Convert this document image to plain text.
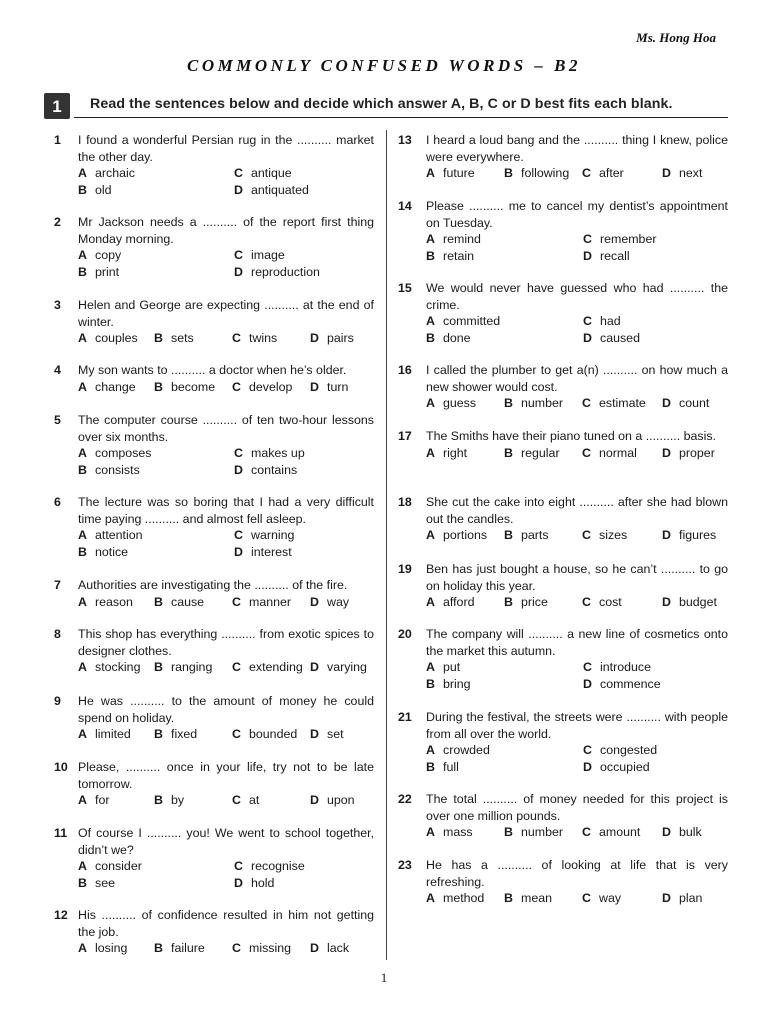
Ms. Hong Hoa
COMMONLY CONFUSED WORDS – B2
1 Read the sentences below and decide which answer A, B, C or D best fits each blank.
1	I found a wonderful Persian rug in the .......... market the other day.
A archaic	C antique
B old	D antiquated
2	Mr Jackson needs a .......... of the report first thing Monday morning.
A copy	C image
B print	D reproduction
3	Helen and George are expecting .......... at the end of winter.
A couples	B sets	C twins	D pairs
4	My son wants to .......... a doctor when he’s older.
A change	B become	C develop	D turn
5	The computer course .......... of ten two-hour lessons over six months.
A composes	C makes up
B consists	D contains
6	The lecture was so boring that I had a very difficult time paying .......... and almost fell asleep.
A attention	C warning
B notice	D interest
7	Authorities are investigating the .......... of the fire.
A reason	B cause	C manner	D way
8	This shop has everything .......... from exotic spices to designer clothes.
A stocking	B ranging	C extending D varying
9	He was .......... to the amount of money he could spend on holiday.
A limited	B fixed	C bounded	D set
10 Please, .......... once in your life, try not to be late tomorrow.
A for	B by	C at	D upon
11 Of course I .......... you! We went to school together, didn’t we?
A consider	C recognise
B see	D hold
12 His .......... of confidence resulted in him not getting the job.
A losing	B failure	C missing	D lack
13	I heard a loud bang and the .......... thing I knew, police were everywhere.
A future	B following	C after	D next
14	Please .......... me to cancel my dentist’s appointment on Tuesday.
A remind	C remember
B retain	D recall
15	We would never have guessed who had .......... the crime.
A committed	C had
B done	D caused
16	I called the plumber to get a(n) .......... on how much a new shower would cost.
A guess	B number	C estimate	D count
17	The Smiths have their piano tuned on a .......... basis.
A right	B regular	C normal	D proper
18	She cut the cake into eight .......... after she had blown out the candles.
A portions	B parts	C sizes	D figures
19	Ben has just bought a house, so he can’t .......... to go on holiday this year.
A afford	B price	C cost	D budget
20	The company will .......... a new line of cosmetics onto the market this autumn.
A put	C introduce
B bring	D commence
21	During the festival, the streets were .......... with people from all over the world.
A crowded	C congested
B full	D occupied
22	The total .......... of money needed for this project is over one million pounds.
A mass	B number	C amount	D bulk
23	He has a .......... of looking at life that is very refreshing.
A method	B mean	C way	D plan
1
